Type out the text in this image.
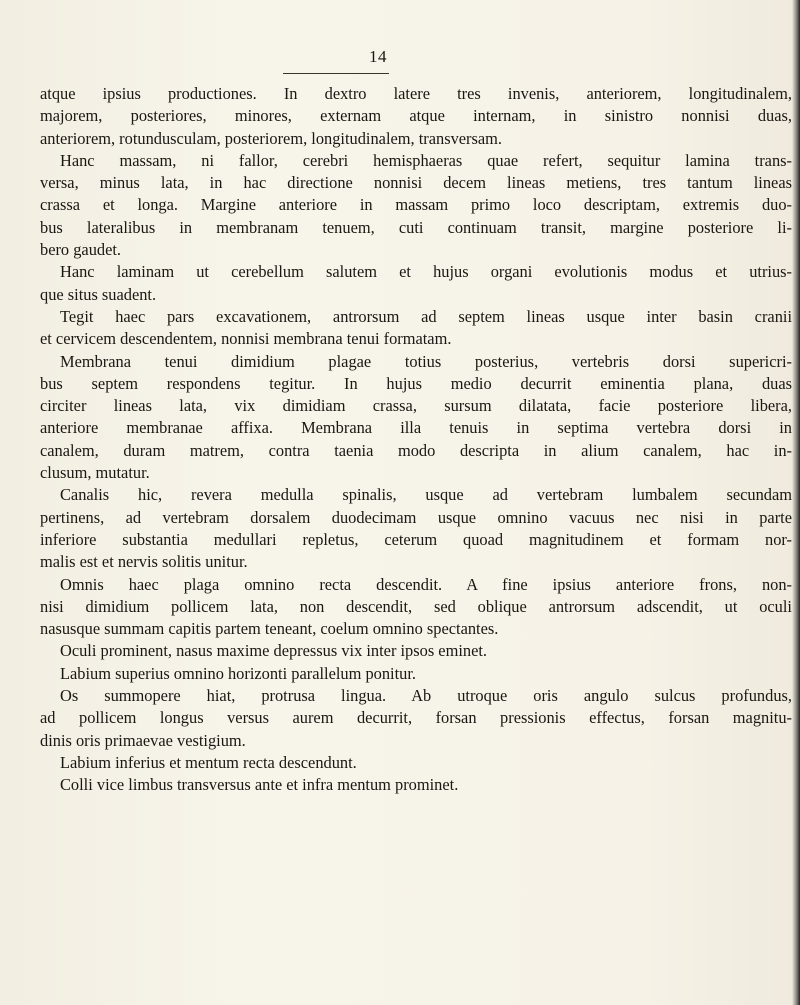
14
atque ipsius productiones. In dextro latere tres invenis, anteriorem, longitudinalem,
majorem, posteriores, minores, externam atque internam, in sinistro nonnisi duas,
anteriorem, rotundusculam, posteriorem, longitudinalem, transversam.
Hanc massam, ni fallor, cerebri hemisphaeras quae refert, sequitur lamina trans-
versa, minus lata, in hac directione nonnisi decem lineas metiens, tres tantum lineas
crassa et longa. Margine anteriore in massam primo loco descriptam, extremis duo-
bus lateralibus in membranam tenuem, cuti continuam transit, margine posteriore li-
bero gaudet.
Hanc laminam ut cerebellum salutem et hujus organi evolutionis modus et utrius-
que situs suadent.
Tegit haec pars excavationem, antrorsum ad septem lineas usque inter basin cranii
et cervicem descendentem, nonnisi membrana tenui formatam.
Membrana tenui dimidium plagae totius posterius, vertebris dorsi supericri-
bus septem respondens tegitur. In hujus medio decurrit eminentia plana, duas
circiter lineas lata, vix dimidiam crassa, sursum dilatata, facie posteriore libera,
anteriore membranae affixa. Membrana illa tenuis in septima vertebra dorsi in
canalem, duram matrem, contra taenia modo descripta in alium canalem, hac in-
clusum, mutatur.
Canalis hic, revera medulla spinalis, usque ad vertebram lumbalem secundam
pertinens, ad vertebram dorsalem duodecimam usque omnino vacuus nec nisi in parte
inferiore substantia medullari repletus, ceterum quoad magnitudinem et formam nor-
malis est et nervis solitis unitur.
Omnis haec plaga omnino recta descendit. A fine ipsius anteriore frons, non-
nisi dimidium pollicem lata, non descendit, sed oblique antrorsum adscendit, ut oculi
nasusque summam capitis partem teneant, coelum omnino spectantes.
Oculi prominent, nasus maxime depressus vix inter ipsos eminet.
Labium superius omnino horizonti parallelum ponitur.
Os summopere hiat, protrusa lingua. Ab utroque oris angulo sulcus profundus,
ad pollicem longus versus aurem decurrit, forsan pressionis effectus, forsan magnitu-
dinis oris primaevae vestigium.
Labium inferius et mentum recta descendunt.
Colli vice limbus transversus ante et infra mentum prominet.
